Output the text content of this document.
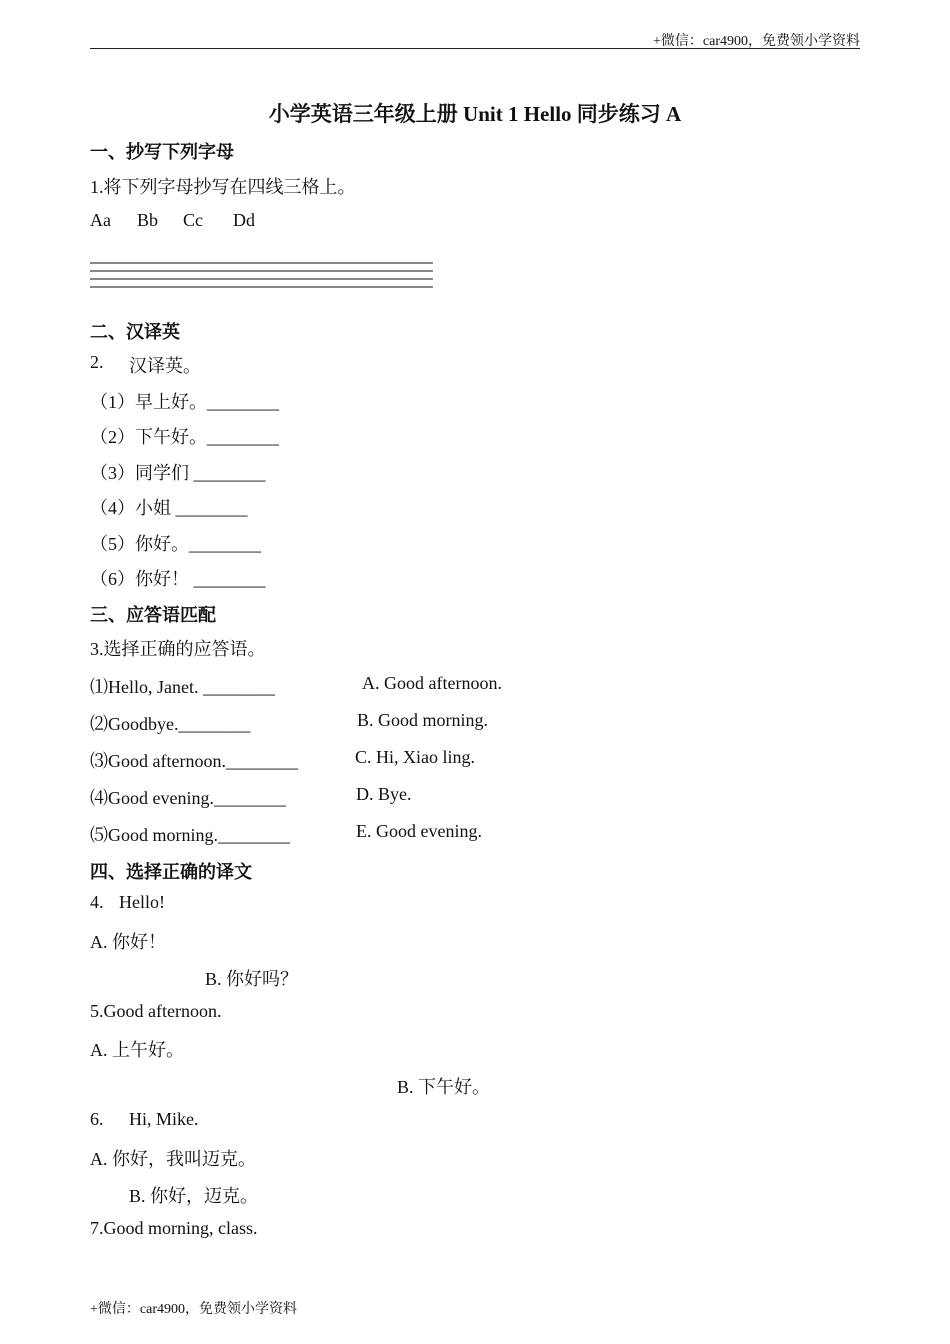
+微信：car4900，免费领小学资料
小学英语三年级上册 Unit 1 Hello 同步练习 A
一、抄写下列字母
1.将下列字母抄写在四线三格上。
Aa Bb Cc Dd
二、汉译英
2. 汉译英。
（1）早上好。________
（2）下午好。________
（3）同学们 ________
（4）小姐 ________
（5）你好。________
（6）你好！ ________
三、应答语匹配
3.选择正确的应答语。
⑴Hello, Janet. ________	A. Good afternoon.
⑵Goodbye.________	B. Good morning.
⑶Good afternoon.________	C. Hi, Xiao ling.
⑷Good evening.________	D. Bye.
⑸Good morning.________	E. Good evening.
四、选择正确的译文
4. Hello!
A. 你好！
B. 你好吗？
5.Good afternoon.
A. 上午好。
B. 下午好。
6. Hi, Mike.
A. 你好，我叫迈克。
B. 你好，迈克。
7.Good morning, class.
+微信：car4900，免费领小学资料
